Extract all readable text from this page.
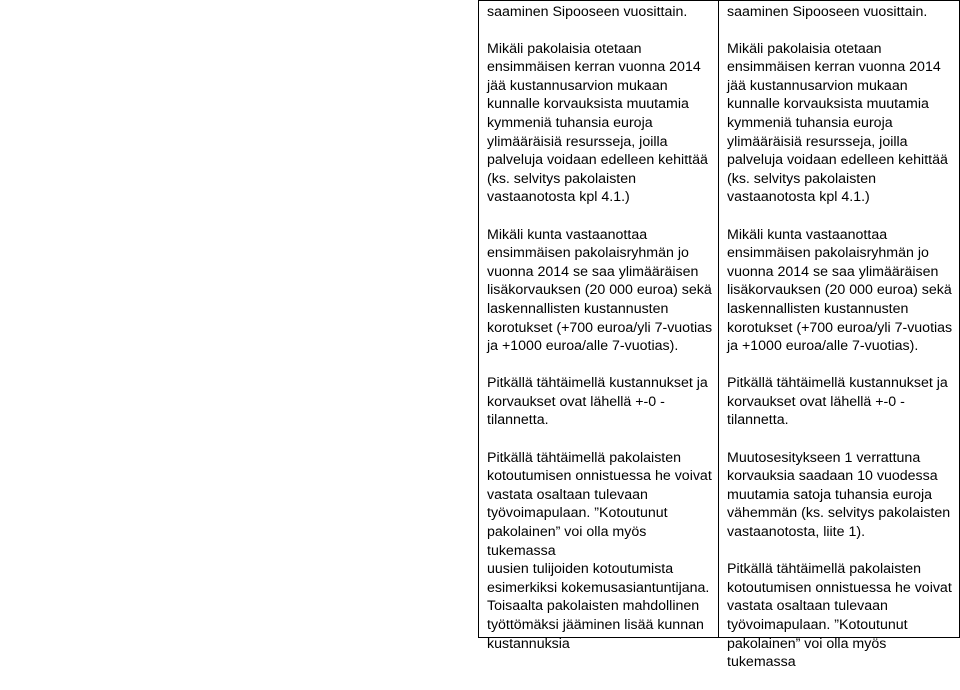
saaminen Sipooseen vuosittain.

Mikäli pakolaisia otetaan
ensimmäisen kerran vuonna 2014
jää kustannusarvion mukaan
kunnalle korvauksista muutamia
kymmeniä tuhansia euroja
ylimääräisiä resursseja, joilla
palveluja voidaan edelleen kehittää
(ks. selvitys pakolaisten
vastaanotosta kpl 4.1.)

Mikäli kunta vastaanottaa
ensimmäisen pakolaisryhmän jo
vuonna 2014 se saa ylimääräisen
lisäkorvauksen (20 000 euroa) sekä
laskennallisten kustannusten
korotukset (+700 euroa/yli 7-vuotias
ja +1000 euroa/alle 7-vuotias).

Pitkällä tähtäimellä kustannukset ja
korvaukset ovat lähellä +-0 -
tilannetta.

Pitkällä tähtäimellä pakolaisten
kotoutumisen onnistuessa he voivat
vastata osaltaan tulevaan
työvoimapulaan. ”Kotoutunut
pakolainen” voi olla myös tukemassa
uusien tulijoiden kotoutumista
esimerkiksi kokemusasiantuntijana.
Toisaalta pakolaisten mahdollinen
työttömäksi jääminen lisää kunnan
kustannuksia

saaminen Sipooseen vuosittain.

Mikäli pakolaisia otetaan
ensimmäisen kerran vuonna 2014
jää kustannusarvion mukaan
kunnalle korvauksista muutamia
kymmeniä tuhansia euroja
ylimääräisiä resursseja, joilla
palveluja voidaan edelleen kehittää
(ks. selvitys pakolaisten
vastaanotosta kpl 4.1.)

Mikäli kunta vastaanottaa
ensimmäisen pakolaisryhmän jo
vuonna 2014 se saa ylimääräisen
lisäkorvauksen (20 000 euroa) sekä
laskennallisten kustannusten
korotukset (+700 euroa/yli 7-vuotias
ja +1000 euroa/alle 7-vuotias).

Pitkällä tähtäimellä kustannukset ja
korvaukset ovat lähellä +-0 -
tilannetta.

Muutosesitykseen 1 verrattuna
korvauksia saadaan 10 vuodessa
muutamia satoja tuhansia euroja
vähemmän (ks. selvitys pakolaisten
vastaanotosta, liite 1).

Pitkällä tähtäimellä pakolaisten
kotoutumisen onnistuessa he voivat
vastata osaltaan tulevaan
työvoimapulaan. ”Kotoutunut
pakolainen” voi olla myös tukemassa
